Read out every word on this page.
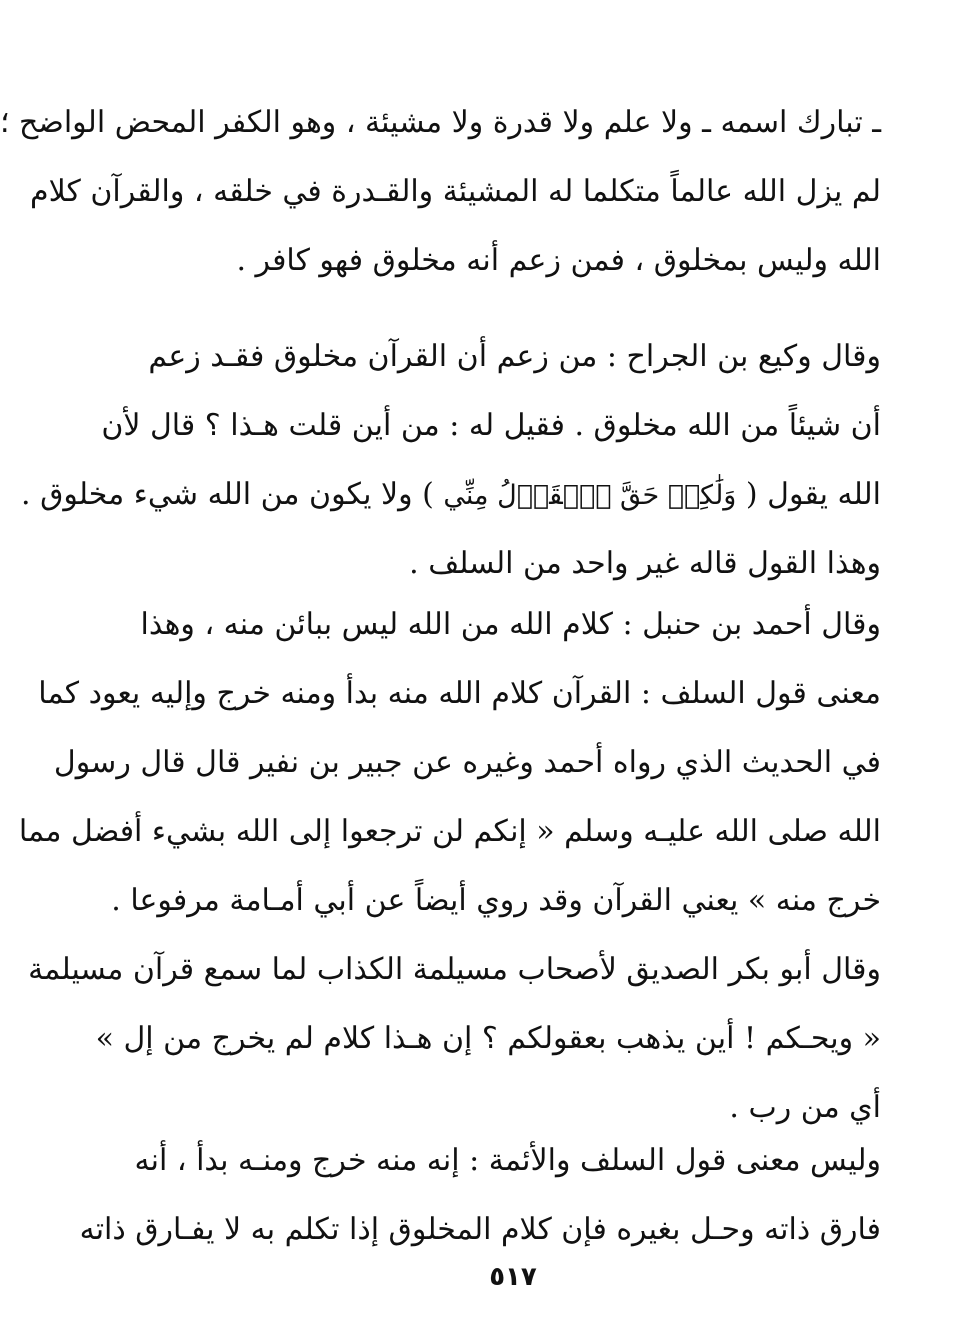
ـ تبارك اسمه ـ ولا علم ولا قدرة ولا مشيئة ، وهو الكفر المحض الواضح ؛
لم يزل الله عالماً متكلما له المشيئة والقـدرة في خلقه ، والقرآن كلام
الله وليس بمخلوق ، فمن زعم أنه مخلوق فهو كافر .
وقال وكيع بن الجراح : من زعم أن القرآن مخلوق فقـد زعم
أن شيئاً من الله مخلوق . فقيل له : من أين قلت هـذا ؟ قال لأن
الله يقول ( وَلَٰكِنۡ حَقَّ ٱلۡقَوۡلُ مِنِّي ) ولا يكون من الله شيء مخلوق .
وهذا القول قاله غير واحد من السلف .
وقال أحمد بن حنبل : كلام الله من الله ليس ببائن منه ، وهذا
معنى قول السلف : القرآن كلام الله منه بدأ ومنه خرج وإليه يعود كما
في الحديث الذي رواه أحمد وغيره عن جبير بن نفير قال قال رسول
الله صلى الله عليـه وسلم « إنكم لن ترجعوا إلى الله بشيء أفضل مما
خرج منه » يعني القرآن وقد روي أيضاً عن أبي أمـامة مرفوعا .
وقال أبو بكر الصديق لأصحاب مسيلمة الكذاب لما سمع قرآن مسيلمة
« ويحـكم ! أين يذهب بعقولكم ؟ إن هـذا كلام لم يخرج من إل »
أي من رب .
وليس معنى قول السلف والأئمة : إنه منه خرج ومنـه بدأ ، أنه
فارق ذاته وحـل بغيره فإن كلام المخلوق إذا تكلم به لا يفـارق ذاته
٥١٧
